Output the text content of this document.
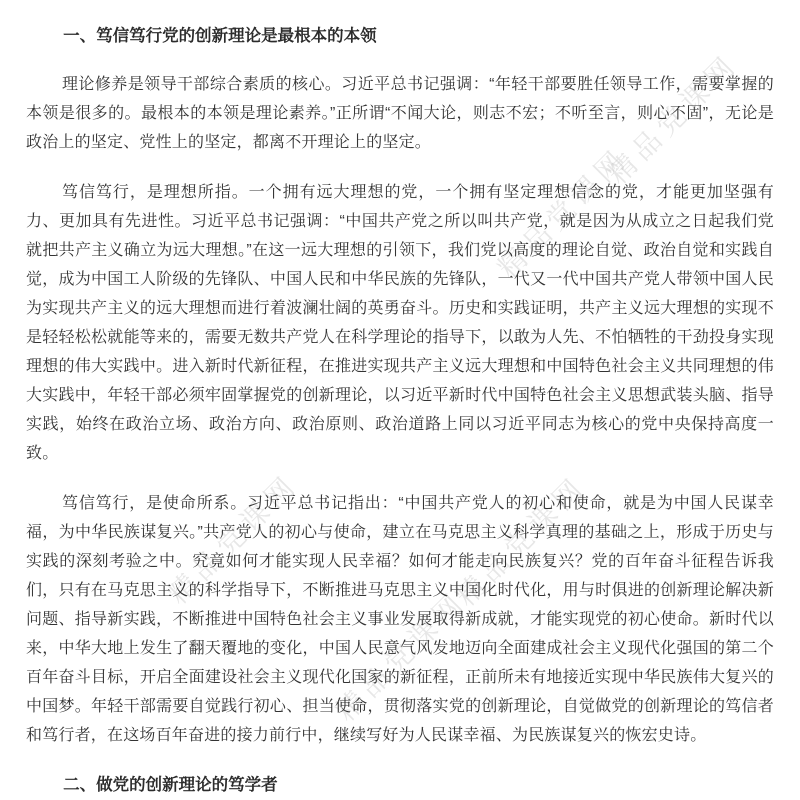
精品党课网
精品党课网
精品党课网	精品党课网
精品党课网
一、笃信笃行党的创新理论是最根本的本领

理论修养是领导干部综合素质的核心。习近平总书记强调：“年轻干部要胜任领导工作，需要掌握的本领是很多的。最根本的本领是理论素养。”正所谓“不闻大论，则志不宏；不听至言，则心不固”，无论是政治上的坚定、党性上的坚定，都离不开理论上的坚定。

笃信笃行，是理想所指。一个拥有远大理想的党，一个拥有坚定理想信念的党，才能更加坚强有力、更加具有先进性。习近平总书记强调：“中国共产党之所以叫共产党，就是因为从成立之日起我们党就把共产主义确立为远大理想。”在这一远大理想的引领下，我们党以高度的理论自觉、政治自觉和实践自觉，成为中国工人阶级的先锋队、中国人民和中华民族的先锋队，一代又一代中国共产党人带领中国人民为实现共产主义的远大理想而进行着波澜壮阔的英勇奋斗。历史和实践证明，共产主义远大理想的实现不是轻轻松松就能等来的，需要无数共产党人在科学理论的指导下，以敢为人先、不怕牺牲的干劲投身实现理想的伟大实践中。进入新时代新征程，在推进实现共产主义远大理想和中国特色社会主义共同理想的伟大实践中，年轻干部必须牢固掌握党的创新理论，以习近平新时代中国特色社会主义思想武装头脑、指导实践，始终在政治立场、政治方向、政治原则、政治道路上同以习近平同志为核心的党中央保持高度一致。

笃信笃行，是使命所系。习近平总书记指出：“中国共产党人的初心和使命，就是为中国人民谋幸福，为中华民族谋复兴。”共产党人的初心与使命，建立在马克思主义科学真理的基础之上，形成于历史与实践的深刻考验之中。究竟如何才能实现人民幸福？如何才能走向民族复兴？党的百年奋斗征程告诉我们，只有在马克思主义的科学指导下，不断推进马克思主义中国化时代化，用与时俱进的创新理论解决新问题、指导新实践，不断推进中国特色社会主义事业发展取得新成就，才能实现党的初心使命。新时代以来，中华大地上发生了翻天覆地的变化，中国人民意气风发地迈向全面建成社会主义现代化强国的第二个百年奋斗目标，开启全面建设社会主义现代化国家的新征程，正前所未有地接近实现中华民族伟大复兴的中国梦。年轻干部需要自觉践行初心、担当使命，贯彻落实党的创新理论，自觉做党的创新理论的笃信者和笃行者，在这场百年奋进的接力前行中，继续写好为人民谋幸福、为民族谋复兴的恢宏史诗。

二、做党的创新理论的笃学者
